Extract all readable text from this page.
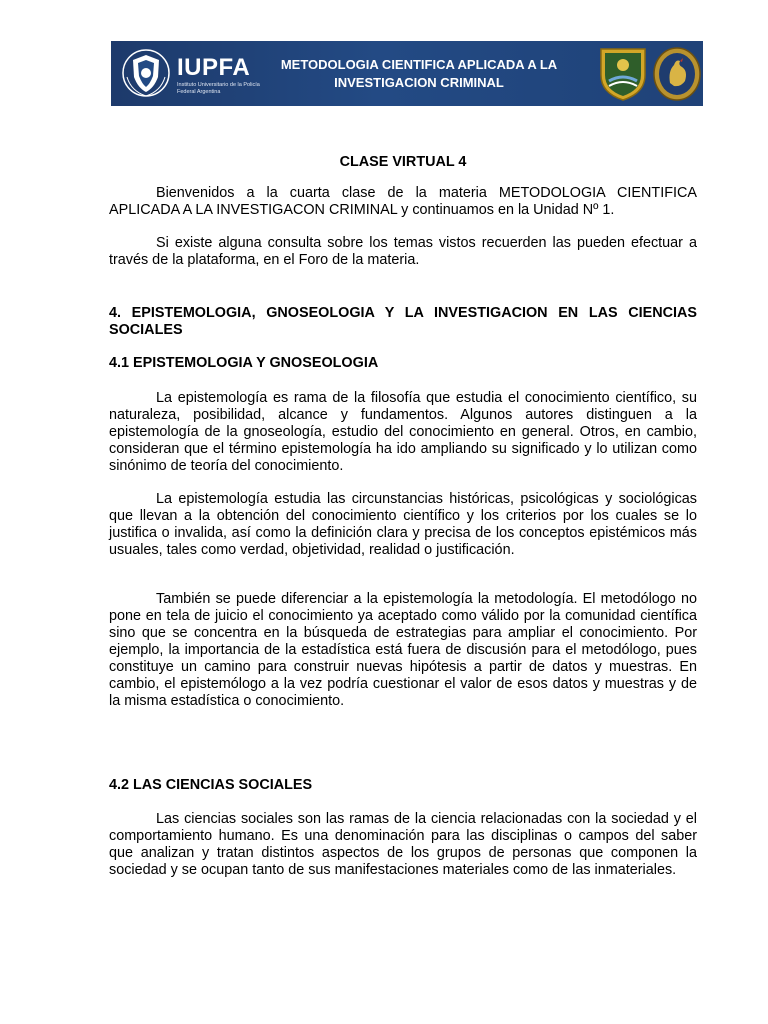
IUPFA
Instituto Universitario de la Policía Federal Argentina
METODOLOGIA CIENTIFICA APLICADA A LA
INVESTIGACION CRIMINAL
CLASE VIRTUAL 4

Bienvenidos a la cuarta clase de la materia METODOLOGIA CIENTIFICA APLICADA A LA INVESTIGACON CRIMINAL y continuamos en la Unidad Nº 1.

Si existe alguna consulta sobre los temas vistos recuerden las pueden efectuar a través de la plataforma, en el Foro de la materia.

4. EPISTEMOLOGIA, GNOSEOLOGIA Y LA INVESTIGACION EN LAS CIENCIAS SOCIALES

4.1 EPISTEMOLOGIA Y GNOSEOLOGIA

La epistemología es rama de la filosofía que estudia el conocimiento científico, su naturaleza, posibilidad, alcance y fundamentos. Algunos autores distinguen a la epistemología de la gnoseología, estudio del conocimiento en general. Otros, en cambio, consideran que el término epistemología ha ido ampliando su significado y lo utilizan como sinónimo de teoría del conocimiento.

La epistemología estudia las circunstancias históricas, psicológicas y sociológicas que llevan a la obtención del conocimiento científico y los criterios por los cuales se lo justifica o invalida, así como la definición clara y precisa de los conceptos epistémicos más usuales, tales como verdad, objetividad, realidad o justificación.

También se puede diferenciar a la epistemología la metodología. El metodólogo no pone en tela de juicio el conocimiento ya aceptado como válido por la comunidad científica sino que se concentra en la búsqueda de estrategias para ampliar el conocimiento. Por ejemplo, la importancia de la estadística está fuera de discusión para el metodólogo, pues constituye un camino para construir nuevas hipótesis a partir de datos y muestras. En cambio, el epistemólogo a la vez podría cuestionar el valor de esos datos y muestras y de la misma estadística o conocimiento.

4.2 LAS CIENCIAS SOCIALES

Las ciencias sociales son las ramas de la ciencia relacionadas con la sociedad y el comportamiento humano. Es una denominación para las disciplinas o campos del saber que analizan y tratan distintos aspectos de los grupos de personas que componen la sociedad y se ocupan tanto de sus manifestaciones materiales como de las inmateriales.
